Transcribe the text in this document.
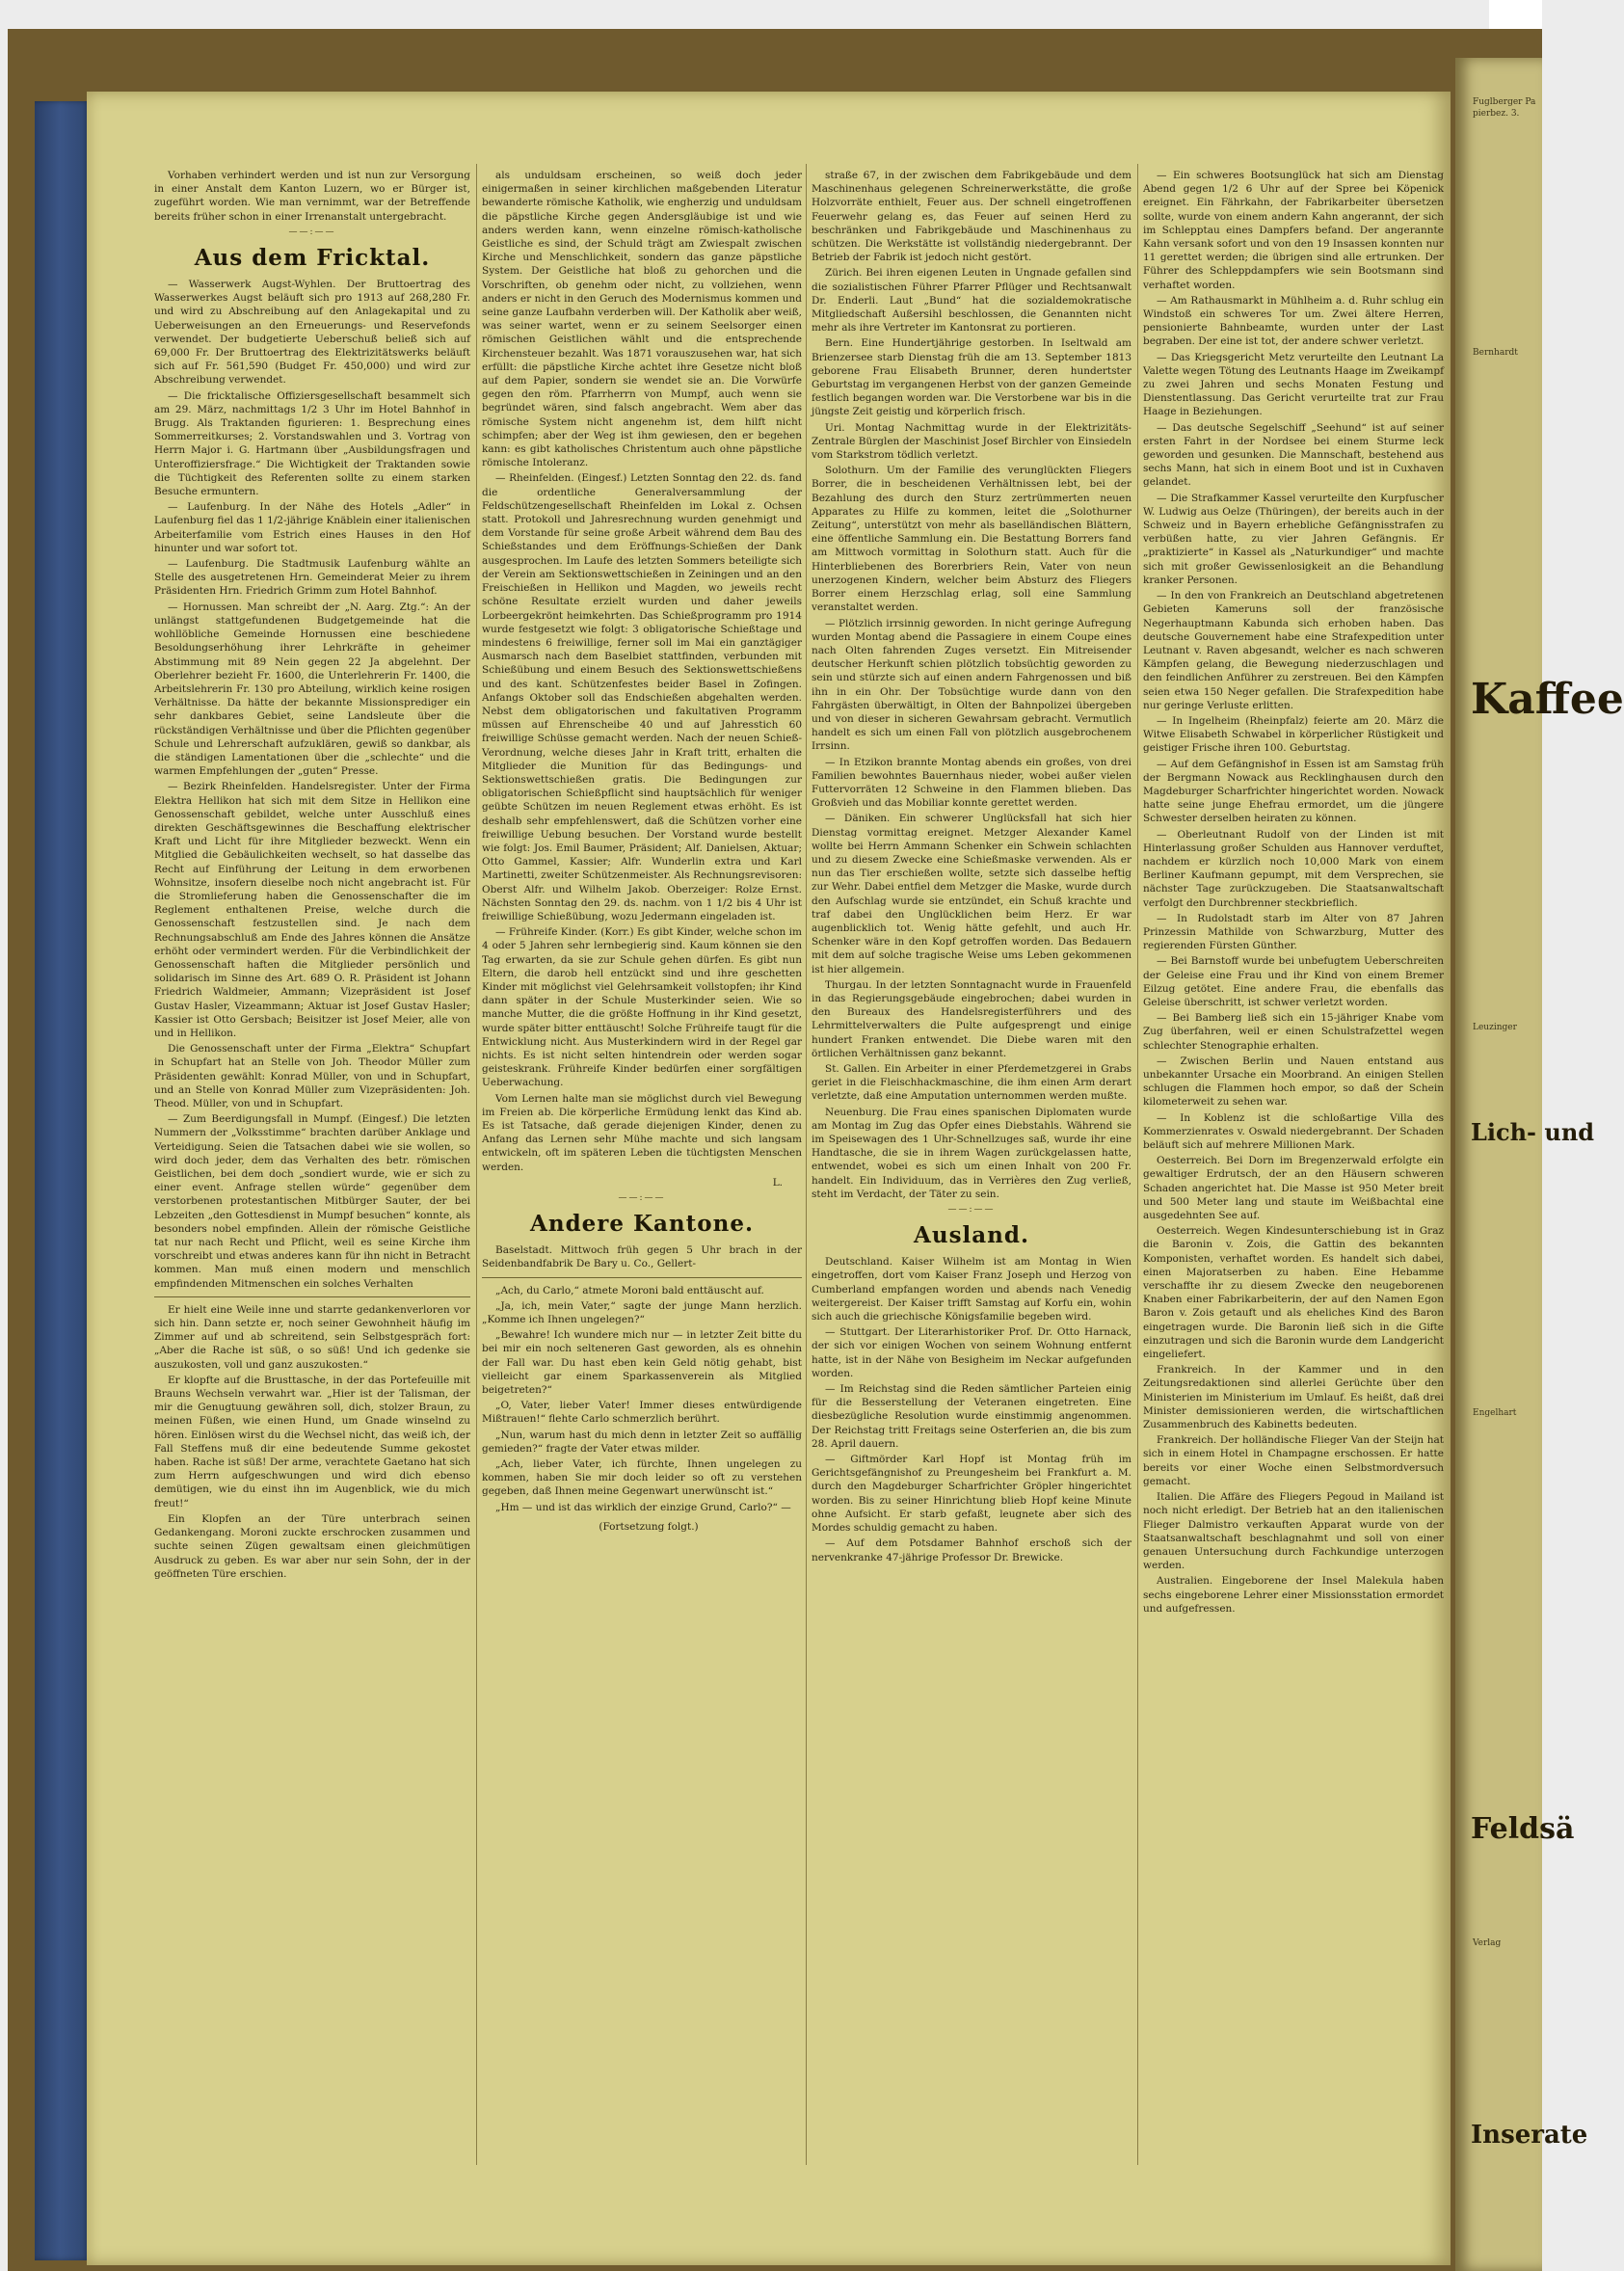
Vorhaben verhindert werden und ist nun zur Versorgung in einer Anstalt dem Kanton Luzern, wo er Bürger ist, zugeführt worden. Wie man vernimmt, war der Betreffende bereits früher schon in einer Irrenanstalt untergebracht.

——:——
Aus dem Fricktal.

— Wasserwerk Augst-Wyhlen. Der Bruttoertrag des Wasserwerkes Augst beläuft sich pro 1913 auf 268,280 Fr. und wird zu Abschreibung auf den Anlagekapital und zu Ueberweisungen an den Erneuerungs- und Reservefonds verwendet. Der budgetierte Ueberschuß beließ sich auf 69,000 Fr. Der Bruttoertrag des Elektrizitätswerks beläuft sich auf Fr. 561,590 (Budget Fr. 450,000) und wird zur Abschreibung verwendet.

— Die fricktalische Offiziersgesellschaft besammelt sich am 29. März, nachmittags 1/2 3 Uhr im Hotel Bahnhof in Brugg. Als Traktanden figurieren: 1. Besprechung eines Sommerreitkurses; 2. Vorstandswahlen und 3. Vortrag von Herrn Major i. G. Hartmann über „Ausbildungsfragen und Unteroffiziersfrage.“ Die Wichtigkeit der Traktanden sowie die Tüchtigkeit des Referenten sollte zu einem starken Besuche ermuntern.

— Laufenburg. In der Nähe des Hotels „Adler“ in Laufenburg fiel das 1 1/2-jährige Knäblein einer italienischen Arbeiterfamilie vom Estrich eines Hauses in den Hof hinunter und war sofort tot.

— Laufenburg. Die Stadtmusik Laufenburg wählte an Stelle des ausgetretenen Hrn. Gemeinderat Meier zu ihrem Präsidenten Hrn. Friedrich Grimm zum Hotel Bahnhof.

— Hornussen. Man schreibt der „N. Aarg. Ztg.“: An der unlängst stattgefundenen Budgetgemeinde hat die wohllöbliche Gemeinde Hornussen eine beschiedene Besoldungserhöhung ihrer Lehrkräfte in geheimer Abstimmung mit 89 Nein gegen 22 Ja abgelehnt. Der Oberlehrer bezieht Fr. 1600, die Unterlehrerin Fr. 1400, die Arbeitslehrerin Fr. 130 pro Abteilung, wirklich keine rosigen Verhältnisse. Da hätte der bekannte Missionsprediger ein sehr dankbares Gebiet, seine Landsleute über die rückständigen Verhältnisse und über die Pflichten gegenüber Schule und Lehrerschaft aufzuklären, gewiß so dankbar, als die ständigen Lamentationen über die „schlechte“ und die warmen Empfehlungen der „guten“ Presse.

— Bezirk Rheinfelden. Handelsregister. Unter der Firma Elektra Hellikon hat sich mit dem Sitze in Hellikon eine Genossenschaft gebildet, welche unter Ausschluß eines direkten Geschäftsgewinnes die Beschaffung elektrischer Kraft und Licht für ihre Mitglieder bezweckt. Wenn ein Mitglied die Gebäulichkeiten wechselt, so hat dasselbe das Recht auf Einführung der Leitung in dem erworbenen Wohnsitze, insofern dieselbe noch nicht angebracht ist. Für die Stromlieferung haben die Genossenschafter die im Reglement enthaltenen Preise, welche durch die Genossenschaft festzustellen sind. Je nach dem Rechnungsabschluß am Ende des Jahres können die Ansätze erhöht oder vermindert werden. Für die Verbindlichkeit der Genossenschaft haften die Mitglieder persönlich und solidarisch im Sinne des Art. 689 O. R. Präsident ist Johann Friedrich Waldmeier, Ammann; Vizepräsident ist Josef Gustav Hasler, Vizeammann; Aktuar ist Josef Gustav Hasler; Kassier ist Otto Gersbach; Beisitzer ist Josef Meier, alle von und in Hellikon.

Die Genossenschaft unter der Firma „Elektra“ Schupfart in Schupfart hat an Stelle von Joh. Theodor Müller zum Präsidenten gewählt: Konrad Müller, von und in Schupfart, und an Stelle von Konrad Müller zum Vizepräsidenten: Joh. Theod. Müller, von und in Schupfart.

— Zum Beerdigungsfall in Mumpf. (Eingesf.) Die letzten Nummern der „Volksstimme“ brachten darüber Anklage und Verteidigung. Seien die Tatsachen dabei wie sie wollen, so wird doch jeder, dem das Verhalten des betr. römischen Geistlichen, bei dem doch „sondiert wurde, wie er sich zu einer event. Anfrage stellen würde“ gegenüber dem verstorbenen protestantischen Mitbürger Sauter, der bei Lebzeiten „den Gottesdienst in Mumpf besuchen“ konnte, als besonders nobel empfinden. Allein der römische Geistliche tat nur nach Recht und Pflicht, weil es seine Kirche ihm vorschreibt und etwas anderes kann für ihn nicht in Betracht kommen. Man muß einen modern und menschlich empfindenden Mitmenschen ein solches Verhalten

Er hielt eine Weile inne und starrte gedankenverloren vor sich hin. Dann setzte er, noch seiner Gewohnheit häufig im Zimmer auf und ab schreitend, sein Selbstgespräch fort: „Aber die Rache ist süß, o so süß! Und ich gedenke sie auszukosten, voll und ganz auszukosten.“

Er klopfte auf die Brusttasche, in der das Portefeuille mit Brauns Wechseln verwahrt war. „Hier ist der Talisman, der mir die Genugtuung gewähren soll, dich, stolzer Braun, zu meinen Füßen, wie einen Hund, um Gnade winselnd zu hören. Einlösen wirst du die Wechsel nicht, das weiß ich, der Fall Steffens muß dir eine bedeutende Summe gekostet haben. Rache ist süß! Der arme, verachtete Gaetano hat sich zum Herrn aufgeschwungen und wird dich ebenso demütigen, wie du einst ihn im Augenblick, wie du mich freut!“

Ein Klopfen an der Türe unterbrach seinen Gedankengang. Moroni zuckte erschrocken zusammen und suchte seinen Zügen gewaltsam einen gleichmütigen Ausdruck zu geben. Es war aber nur sein Sohn, der in der geöffneten Türe erschien.

als unduldsam erscheinen, so weiß doch jeder einigermaßen in seiner kirchlichen maßgebenden Literatur bewanderte römische Katholik, wie engherzig und unduldsam die päpstliche Kirche gegen Andersgläubige ist und wie anders werden kann, wenn einzelne römisch-katholische Geistliche es sind, der Schuld trägt am Zwiespalt zwischen Kirche und Menschlichkeit, sondern das ganze päpstliche System. Der Geistliche hat bloß zu gehorchen und die Vorschriften, ob genehm oder nicht, zu vollziehen, wenn anders er nicht in den Geruch des Modernismus kommen und seine ganze Laufbahn verderben will. Der Katholik aber weiß, was seiner wartet, wenn er zu seinem Seelsorger einen römischen Geistlichen wählt und die entsprechende Kirchensteuer bezahlt. Was 1871 vorauszusehen war, hat sich erfüllt: die päpstliche Kirche achtet ihre Gesetze nicht bloß auf dem Papier, sondern sie wendet sie an. Die Vorwürfe gegen den röm. Pfarrherrn von Mumpf, auch wenn sie begründet wären, sind falsch angebracht. Wem aber das römische System nicht angenehm ist, dem hilft nicht schimpfen; aber der Weg ist ihm gewiesen, den er begehen kann: es gibt katholisches Christentum auch ohne päpstliche römische Intoleranz.

— Rheinfelden. (Eingesf.) Letzten Sonntag den 22. ds. fand die ordentliche Generalversammlung der Feldschützengesellschaft Rheinfelden im Lokal z. Ochsen statt. Protokoll und Jahresrechnung wurden genehmigt und dem Vorstande für seine große Arbeit während dem Bau des Schießstandes und dem Eröffnungs-Schießen der Dank ausgesprochen. Im Laufe des letzten Sommers beteiligte sich der Verein am Sektionswettschießen in Zeiningen und an den Freischießen in Hellikon und Magden, wo jeweils recht schöne Resultate erzielt wurden und daher jeweils Lorbeergekrönt heimkehrten. Das Schießprogramm pro 1914 wurde festgesetzt wie folgt: 3 obligatorische Schießtage und mindestens 6 freiwillige, ferner soll im Mai ein ganztägiger Ausmarsch nach dem Baselbiet stattfinden, verbunden mit Schießübung und einem Besuch des Sektionswettschießens und des kant. Schützenfestes beider Basel in Zofingen. Anfangs Oktober soll das Endschießen abgehalten werden. Nebst dem obligatorischen und fakultativen Programm müssen auf Ehrenscheibe 40 und auf Jahresstich 60 freiwillige Schüsse gemacht werden. Nach der neuen Schieß-Verordnung, welche dieses Jahr in Kraft tritt, erhalten die Mitglieder die Munition für das Bedingungs- und Sektionswettschießen gratis. Die Bedingungen zur obligatorischen Schießpflicht sind hauptsächlich für weniger geübte Schützen im neuen Reglement etwas erhöht. Es ist deshalb sehr empfehlenswert, daß die Schützen vorher eine freiwillige Uebung besuchen. Der Vorstand wurde bestellt wie folgt: Jos. Emil Baumer, Präsident; Alf. Danielsen, Aktuar; Otto Gammel, Kassier; Alfr. Wunderlin extra und Karl Martinetti, zweiter Schützenmeister. Als Rechnungsrevisoren: Oberst Alfr. und Wilhelm Jakob. Oberzeiger: Rolze Ernst. Nächsten Sonntag den 29. ds. nachm. von 1 1/2 bis 4 Uhr ist freiwillige Schießübung, wozu Jedermann eingeladen ist.

— Frühreife Kinder. (Korr.) Es gibt Kinder, welche schon im 4 oder 5 Jahren sehr lernbegierig sind. Kaum können sie den Tag erwarten, da sie zur Schule gehen dürfen. Es gibt nun Eltern, die darob hell entzückt sind und ihre geschetten Kinder mit möglichst viel Gelehrsamkeit vollstopfen; ihr Kind dann später in der Schule Musterkinder seien. Wie so manche Mutter, die die größte Hoffnung in ihr Kind gesetzt, wurde später bitter enttäuscht! Solche Frühreife taugt für die Entwicklung nicht. Aus Musterkindern wird in der Regel gar nichts. Es ist nicht selten hintendrein oder werden sogar geisteskrank. Frühreife Kinder bedürfen einer sorgfältigen Ueberwachung.

Vom Lernen halte man sie möglichst durch viel Bewegung im Freien ab. Die körperliche Ermüdung lenkt das Kind ab. Es ist Tatsache, daß gerade diejenigen Kinder, denen zu Anfang das Lernen sehr Mühe machte und sich langsam entwickeln, oft im späteren Leben die tüchtigsten Menschen werden.

L.

——:——
Andere Kantone.

Baselstadt. Mittwoch früh gegen 5 Uhr brach in der Seidenbandfabrik De Bary u. Co., Gellert-

„Ach, du Carlo,“ atmete Moroni bald enttäuscht auf.

„Ja, ich, mein Vater,“ sagte der junge Mann herzlich. „Komme ich Ihnen ungelegen?“

„Bewahre! Ich wundere mich nur — in letzter Zeit bitte du bei mir ein noch selteneren Gast geworden, als es ohnehin der Fall war. Du hast eben kein Geld nötig gehabt, bist vielleicht gar einem Sparkassenverein als Mitglied beigetreten?“

„O, Vater, lieber Vater! Immer dieses entwürdigende Mißtrauen!“ flehte Carlo schmerzlich berührt.

„Nun, warum hast du mich denn in letzter Zeit so auffällig gemieden?“ fragte der Vater etwas milder.

„Ach, lieber Vater, ich fürchte, Ihnen ungelegen zu kommen, haben Sie mir doch leider so oft zu verstehen gegeben, daß Ihnen meine Gegenwart unerwünscht ist.“

„Hm — und ist das wirklich der einzige Grund, Carlo?“ —

(Fortsetzung folgt.)

straße 67, in der zwischen dem Fabrikgebäude und dem Maschinenhaus gelegenen Schreinerwerkstätte, die große Holzvorräte enthielt, Feuer aus. Der schnell eingetroffenen Feuerwehr gelang es, das Feuer auf seinen Herd zu beschränken und Fabrikgebäude und Maschinenhaus zu schützen. Die Werkstätte ist vollständig niedergebrannt. Der Betrieb der Fabrik ist jedoch nicht gestört.

Zürich. Bei ihren eigenen Leuten in Ungnade gefallen sind die sozialistischen Führer Pfarrer Pflüger und Rechtsanwalt Dr. Enderli. Laut „Bund“ hat die sozialdemokratische Mitgliedschaft Außersihl beschlossen, die Genannten nicht mehr als ihre Vertreter im Kantonsrat zu portieren.

Bern. Eine Hundertjährige gestorben. In Iseltwald am Brienzersee starb Dienstag früh die am 13. September 1813 geborene Frau Elisabeth Brunner, deren hundertster Geburtstag im vergangenen Herbst von der ganzen Gemeinde festlich begangen worden war. Die Verstorbene war bis in die jüngste Zeit geistig und körperlich frisch.

Uri. Montag Nachmittag wurde in der Elektrizitäts-Zentrale Bürglen der Maschinist Josef Birchler von Einsiedeln vom Starkstrom tödlich verletzt.

Solothurn. Um der Familie des verunglückten Fliegers Borrer, die in bescheidenen Verhältnissen lebt, bei der Bezahlung des durch den Sturz zertrümmerten neuen Apparates zu Hilfe zu kommen, leitet die „Solothurner Zeitung“, unterstützt von mehr als baselländischen Blättern, eine öffentliche Sammlung ein. Die Bestattung Borrers fand am Mittwoch vormittag in Solothurn statt. Auch für die Hinterbliebenen des Borerbriers Rein, Vater von neun unerzogenen Kindern, welcher beim Absturz des Fliegers Borrer einem Herzschlag erlag, soll eine Sammlung veranstaltet werden.

— Plötzlich irrsinnig geworden. In nicht geringe Aufregung wurden Montag abend die Passagiere in einem Coupe eines nach Olten fahrenden Zuges versetzt. Ein Mitreisender deutscher Herkunft schien plötzlich tobsüchtig geworden zu sein und stürzte sich auf einen andern Fahrgenossen und biß ihn in ein Ohr. Der Tobsüchtige wurde dann von den Fahrgästen überwältigt, in Olten der Bahnpolizei übergeben und von dieser in sicheren Gewahrsam gebracht. Vermutlich handelt es sich um einen Fall von plötzlich ausgebrochenem Irrsinn.

— In Etzikon brannte Montag abends ein großes, von drei Familien bewohntes Bauernhaus nieder, wobei außer vielen Futtervorräten 12 Schweine in den Flammen blieben. Das Großvieh und das Mobiliar konnte gerettet werden.

— Däniken. Ein schwerer Unglücksfall hat sich hier Dienstag vormittag ereignet. Metzger Alexander Kamel wollte bei Herrn Ammann Schenker ein Schwein schlachten und zu diesem Zwecke eine Schießmaske verwenden. Als er nun das Tier erschießen wollte, setzte sich dasselbe heftig zur Wehr. Dabei entfiel dem Metzger die Maske, wurde durch den Aufschlag wurde sie entzündet, ein Schuß krachte und traf dabei den Unglücklichen beim Herz. Er war augenblicklich tot. Wenig hätte gefehlt, und auch Hr. Schenker wäre in den Kopf getroffen worden. Das Bedauern mit dem auf solche tragische Weise ums Leben gekommenen ist hier allgemein.

Thurgau. In der letzten Sonntagnacht wurde in Frauenfeld in das Regierungsgebäude eingebrochen; dabei wurden in den Bureaux des Handelsregisterführers und des Lehrmittelverwalters die Pulte aufgesprengt und einige hundert Franken entwendet. Die Diebe waren mit den örtlichen Verhältnissen ganz bekannt.

St. Gallen. Ein Arbeiter in einer Pferdemetzgerei in Grabs geriet in die Fleischhackmaschine, die ihm einen Arm derart verletzte, daß eine Amputation unternommen werden mußte.

Neuenburg. Die Frau eines spanischen Diplomaten wurde am Montag im Zug das Opfer eines Diebstahls. Während sie im Speisewagen des 1 Uhr-Schnellzuges saß, wurde ihr eine Handtasche, die sie in ihrem Wagen zurückgelassen hatte, entwendet, wobei es sich um einen Inhalt von 200 Fr. handelt. Ein Individuum, das in Verrières den Zug verließ, steht im Verdacht, der Täter zu sein.

——:——
Ausland.

Deutschland. Kaiser Wilhelm ist am Montag in Wien eingetroffen, dort vom Kaiser Franz Joseph und Herzog von Cumberland empfangen worden und abends nach Venedig weitergereist. Der Kaiser trifft Samstag auf Korfu ein, wohin sich auch die griechische Königsfamilie begeben wird.

— Stuttgart. Der Literarhistoriker Prof. Dr. Otto Harnack, der sich vor einigen Wochen von seinem Wohnung entfernt hatte, ist in der Nähe von Besigheim im Neckar aufgefunden worden.

— Im Reichstag sind die Reden sämtlicher Parteien einig für die Besserstellung der Veteranen eingetreten. Eine diesbezügliche Resolution wurde einstimmig angenommen. Der Reichstag tritt Freitags seine Osterferien an, die bis zum 28. April dauern.

— Giftmörder Karl Hopf ist Montag früh im Gerichtsgefängnishof zu Preungesheim bei Frankfurt a. M. durch den Magdeburger Scharfrichter Gröpler hingerichtet worden. Bis zu seiner Hinrichtung blieb Hopf keine Minute ohne Aufsicht. Er starb gefaßt, leugnete aber sich des Mordes schuldig gemacht zu haben.

— Auf dem Potsdamer Bahnhof erschoß sich der nervenkranke 47-jährige Professor Dr. Brewicke.

— Ein schweres Bootsunglück hat sich am Dienstag Abend gegen 1/2 6 Uhr auf der Spree bei Köpenick ereignet. Ein Fährkahn, der Fabrikarbeiter übersetzen sollte, wurde von einem andern Kahn angerannt, der sich im Schlepptau eines Dampfers befand. Der angerannte Kahn versank sofort und von den 19 Insassen konnten nur 11 gerettet werden; die übrigen sind alle ertrunken. Der Führer des Schleppdampfers wie sein Bootsmann sind verhaftet worden.

— Am Rathausmarkt in Mühlheim a. d. Ruhr schlug ein Windstoß ein schweres Tor um. Zwei ältere Herren, pensionierte Bahnbeamte, wurden unter der Last begraben. Der eine ist tot, der andere schwer verletzt.

— Das Kriegsgericht Metz verurteilte den Leutnant La Valette wegen Tötung des Leutnants Haage im Zweikampf zu zwei Jahren und sechs Monaten Festung und Dienstentlassung. Das Gericht verurteilte trat zur Frau Haage in Beziehungen.

— Das deutsche Segelschiff „Seehund“ ist auf seiner ersten Fahrt in der Nordsee bei einem Sturme leck geworden und gesunken. Die Mannschaft, bestehend aus sechs Mann, hat sich in einem Boot und ist in Cuxhaven gelandet.

— Die Strafkammer Kassel verurteilte den Kurpfuscher W. Ludwig aus Oelze (Thüringen), der bereits auch in der Schweiz und in Bayern erhebliche Gefängnisstrafen zu verbüßen hatte, zu vier Jahren Gefängnis. Er „praktizierte“ in Kassel als „Naturkundiger“ und machte sich mit großer Gewissenlosigkeit an die Behandlung kranker Personen.

— In den von Frankreich an Deutschland abgetretenen Gebieten Kameruns soll der französische Negerhauptmann Kabunda sich erhoben haben. Das deutsche Gouvernement habe eine Strafexpedition unter Leutnant v. Raven abgesandt, welcher es nach schweren Kämpfen gelang, die Bewegung niederzuschlagen und den feindlichen Anführer zu zerstreuen. Bei den Kämpfen seien etwa 150 Neger gefallen. Die Strafexpedition habe nur geringe Verluste erlitten.

— In Ingelheim (Rheinpfalz) feierte am 20. März die Witwe Elisabeth Schwabel in körperlicher Rüstigkeit und geistiger Frische ihren 100. Geburtstag.

— Auf dem Gefängnishof in Essen ist am Samstag früh der Bergmann Nowack aus Recklinghausen durch den Magdeburger Scharfrichter hingerichtet worden. Nowack hatte seine junge Ehefrau ermordet, um die jüngere Schwester derselben heiraten zu können.

— Oberleutnant Rudolf von der Linden ist mit Hinterlassung großer Schulden aus Hannover verduftet, nachdem er kürzlich noch 10,000 Mark von einem Berliner Kaufmann gepumpt, mit dem Versprechen, sie nächster Tage zurückzugeben. Die Staatsanwaltschaft verfolgt den Durchbrenner steckbrieflich.

— In Rudolstadt starb im Alter von 87 Jahren Prinzessin Mathilde von Schwarzburg, Mutter des regierenden Fürsten Günther.

— Bei Barnstoff wurde bei unbefugtem Ueberschreiten der Geleise eine Frau und ihr Kind von einem Bremer Eilzug getötet. Eine andere Frau, die ebenfalls das Geleise überschritt, ist schwer verletzt worden.

— Bei Bamberg ließ sich ein 15-jähriger Knabe vom Zug überfahren, weil er einen Schulstrafzettel wegen schlechter Stenographie erhalten.

— Zwischen Berlin und Nauen entstand aus unbekannter Ursache ein Moorbrand. An einigen Stellen schlugen die Flammen hoch empor, so daß der Schein kilometerweit zu sehen war.

— In Koblenz ist die schloßartige Villa des Kommerzienrates v. Oswald niedergebrannt. Der Schaden beläuft sich auf mehrere Millionen Mark.

Oesterreich. Bei Dorn im Bregenzerwald erfolgte ein gewaltiger Erdrutsch, der an den Häusern schweren Schaden angerichtet hat. Die Masse ist 950 Meter breit und 500 Meter lang und staute im Weißbachtal eine ausgedehnten See auf.

Oesterreich. Wegen Kindesunterschiebung ist in Graz die Baronin v. Zois, die Gattin des bekannten Komponisten, verhaftet worden. Es handelt sich dabei, einen Majoratserben zu haben. Eine Hebamme verschaffte ihr zu diesem Zwecke den neugeborenen Knaben einer Fabrikarbeiterin, der auf den Namen Egon Baron v. Zois getauft und als eheliches Kind des Baron eingetragen wurde. Die Baronin ließ sich in die Gifte einzutragen und sich die Baronin wurde dem Landgericht eingeliefert.

Frankreich. In der Kammer und in den Zeitungsredaktionen sind allerlei Gerüchte über den Ministerien im Ministerium im Umlauf. Es heißt, daß drei Minister demissionieren werden, die wirtschaftlichen Zusammenbruch des Kabinetts bedeuten.

Frankreich. Der holländische Flieger Van der Steijn hat sich in einem Hotel in Champagne erschossen. Er hatte bereits vor einer Woche einen Selbstmordversuch gemacht.

Italien. Die Affäre des Fliegers Pegoud in Mailand ist noch nicht erledigt. Der Betrieb hat an den italienischen Flieger Dalmistro verkauften Apparat wurde von der Staatsanwaltschaft beschlagnahmt und soll von einer genauen Untersuchung durch Fachkundige unterzogen werden.

Australien. Eingeborene der Insel Malekula haben sechs eingeborene Lehrer einer Missionsstation ermordet und aufgefressen.

Fuglberger Papierbez. 3.
Bernhardt
Kaffee
Leuzinger
Lich- und
Engelhart
Feldsä
Verlag
Inserate
